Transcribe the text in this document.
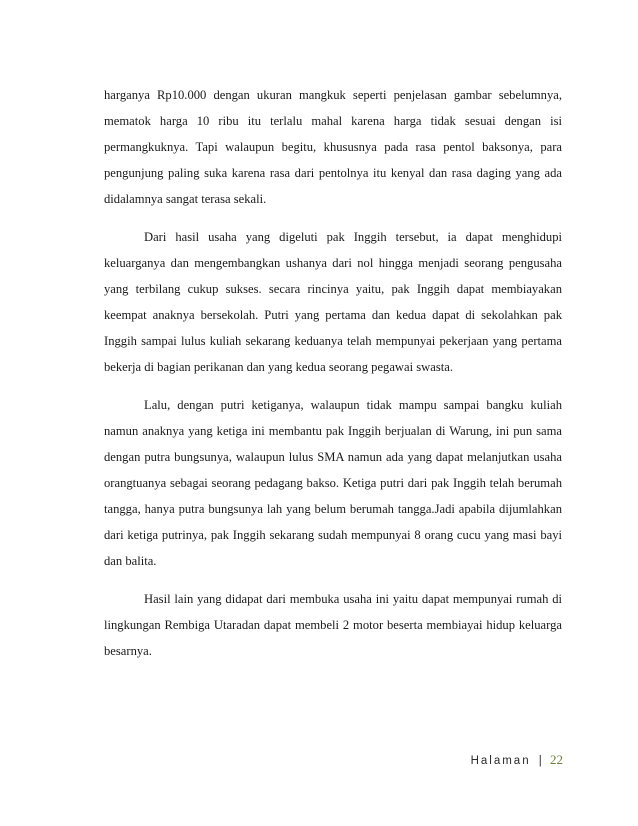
harganya Rp10.000 dengan ukuran mangkuk seperti penjelasan gambar sebelumnya, mematok harga 10 ribu itu terlalu mahal karena harga tidak sesuai dengan isi permangkuknya. Tapi walaupun begitu, khususnya pada rasa pentol baksonya, para pengunjung paling suka karena rasa dari pentolnya itu kenyal dan rasa daging yang ada didalamnya sangat terasa sekali.

Dari hasil usaha yang digeluti pak Inggih tersebut, ia dapat menghidupi keluarganya dan mengembangkan ushanya dari nol hingga menjadi seorang pengusaha yang terbilang cukup sukses. secara rincinya yaitu, pak Inggih dapat membiayakan keempat anaknya bersekolah. Putri yang pertama dan kedua dapat di sekolahkan pak Inggih sampai lulus kuliah sekarang keduanya telah mempunyai pekerjaan yang pertama bekerja di bagian perikanan dan yang kedua seorang pegawai swasta.

Lalu, dengan putri ketiganya, walaupun tidak mampu sampai bangku kuliah namun anaknya yang ketiga ini membantu pak Inggih berjualan di Warung, ini pun sama dengan putra bungsunya, walaupun lulus SMA namun ada yang dapat melanjutkan usaha orangtuanya sebagai seorang pedagang bakso. Ketiga putri dari pak Inggih telah berumah tangga, hanya putra bungsunya lah yang belum berumah tangga.Jadi apabila dijumlahkan dari ketiga putrinya, pak Inggih sekarang sudah mempunyai 8 orang cucu yang masi bayi dan balita.

Hasil lain yang didapat dari membuka usaha ini yaitu dapat mempunyai rumah di lingkungan Rembiga Utaradan dapat membeli 2 motor beserta membiayai hidup keluarga besarnya.

Halaman | 22
